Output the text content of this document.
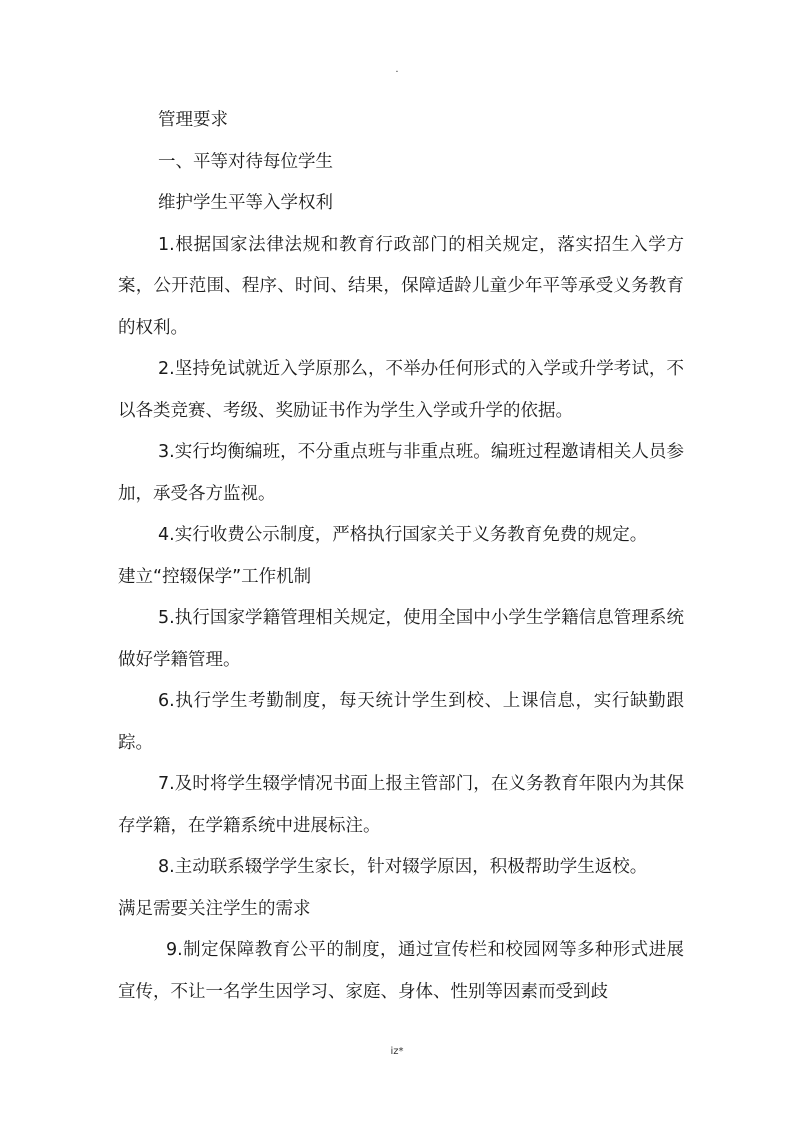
.

管理要求

一、平等对待每位学生

维护学生平等入学权利

1.根据国家法律法规和教育行政部门的相关规定，落实招生入学方案，公开范围、程序、时间、结果，保障适龄儿童少年平等承受义务教育的权利。

2.坚持免试就近入学原那么，不举办任何形式的入学或升学考试，不以各类竞赛、考级、奖励证书作为学生入学或升学的依据。

3.实行均衡编班，不分重点班与非重点班。编班过程邀请相关人员参加，承受各方监视。

4.实行收费公示制度，严格执行国家关于义务教育免费的规定。

建立“控辍保学”工作机制

5.执行国家学籍管理相关规定，使用全国中小学生学籍信息管理系统做好学籍管理。

6.执行学生考勤制度，每天统计学生到校、上课信息，实行缺勤跟踪。

7.及时将学生辍学情况书面上报主管部门，在义务教育年限内为其保存学籍，在学籍系统中进展标注。

8.主动联系辍学学生家长，针对辍学原因，积极帮助学生返校。

满足需要关注学生的需求

9.制定保障教育公平的制度，通过宣传栏和校园网等多种形式进展宣传，不让一名学生因学习、家庭、身体、性别等因素而受到歧

iz*
